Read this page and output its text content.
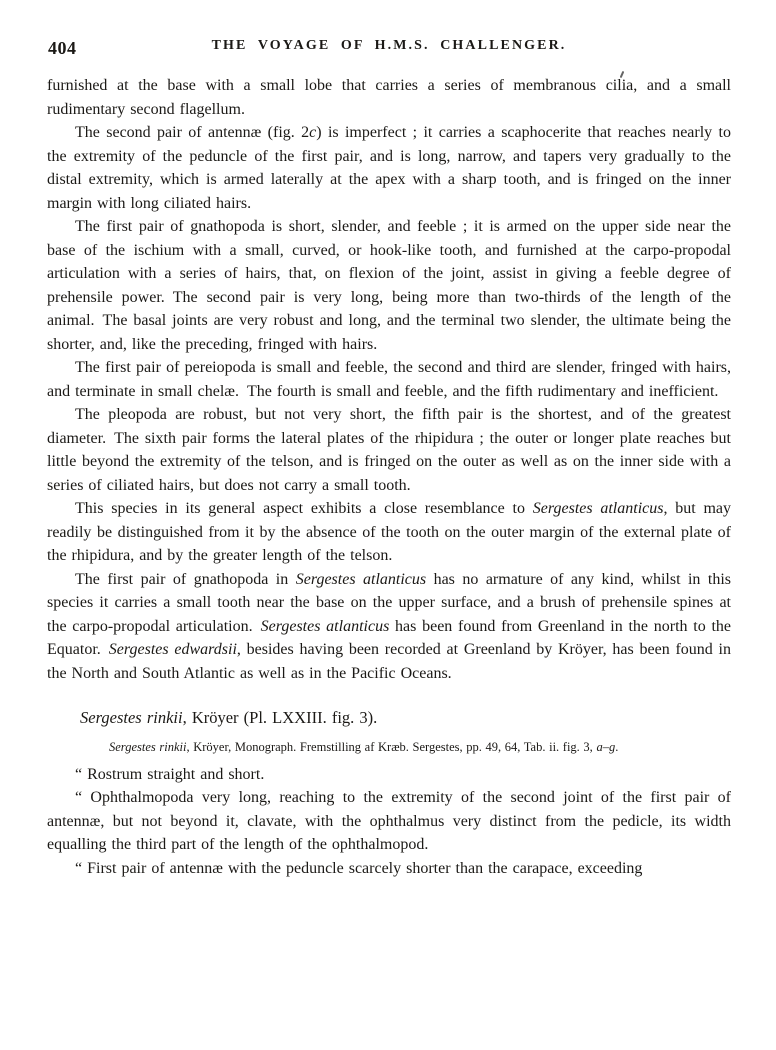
404	THE VOYAGE OF H.M.S. CHALLENGER.

furnished at the base with a small lobe that carries a series of membranous cilia, and a small rudimentary second flagellum.

The second pair of antennæ (fig. 2c) is imperfect ; it carries a scaphocerite that reaches nearly to the extremity of the peduncle of the first pair, and is long, narrow, and tapers very gradually to the distal extremity, which is armed laterally at the apex with a sharp tooth, and is fringed on the inner margin with long ciliated hairs.

The first pair of gnathopoda is short, slender, and feeble ; it is armed on the upper side near the base of the ischium with a small, curved, or hook-like tooth, and furnished at the carpo-propodal articulation with a series of hairs, that, on flexion of the joint, assist in giving a feeble degree of prehensile power. The second pair is very long, being more than two-thirds of the length of the animal. The basal joints are very robust and long, and the terminal two slender, the ultimate being the shorter, and, like the preceding, fringed with hairs.

The first pair of pereiopoda is small and feeble, the second and third are slender, fringed with hairs, and terminate in small chelæ. The fourth is small and feeble, and the fifth rudimentary and inefficient.

The pleopoda are robust, but not very short, the fifth pair is the shortest, and of the greatest diameter. The sixth pair forms the lateral plates of the rhipidura ; the outer or longer plate reaches but little beyond the extremity of the telson, and is fringed on the outer as well as on the inner side with a series of ciliated hairs, but does not carry a small tooth.

This species in its general aspect exhibits a close resemblance to Sergestes atlanticus, but may readily be distinguished from it by the absence of the tooth on the outer margin of the external plate of the rhipidura, and by the greater length of the telson.

The first pair of gnathopoda in Sergestes atlanticus has no armature of any kind, whilst in this species it carries a small tooth near the base on the upper surface, and a brush of prehensile spines at the carpo-propodal articulation. Sergestes atlanticus has been found from Greenland in the north to the Equator. Sergestes edwardsii, besides having been recorded at Greenland by Kröyer, has been found in the North and South Atlantic as well as in the Pacific Oceans.

Sergestes rinkii, Kröyer (Pl. LXXIII. fig. 3).

Sergestes rinkii, Kröyer, Monograph. Fremstilling af Kræb. Sergestes, pp. 49, 64, Tab. ii. fig. 3, a–g.

“ Rostrum straight and short.

“ Ophthalmopoda very long, reaching to the extremity of the second joint of the first pair of antennæ, but not beyond it, clavate, with the ophthalmus very distinct from the pedicle, its width equalling the third part of the length of the ophthalmopod.

“ First pair of antennæ with the peduncle scarcely shorter than the carapace, exceeding
